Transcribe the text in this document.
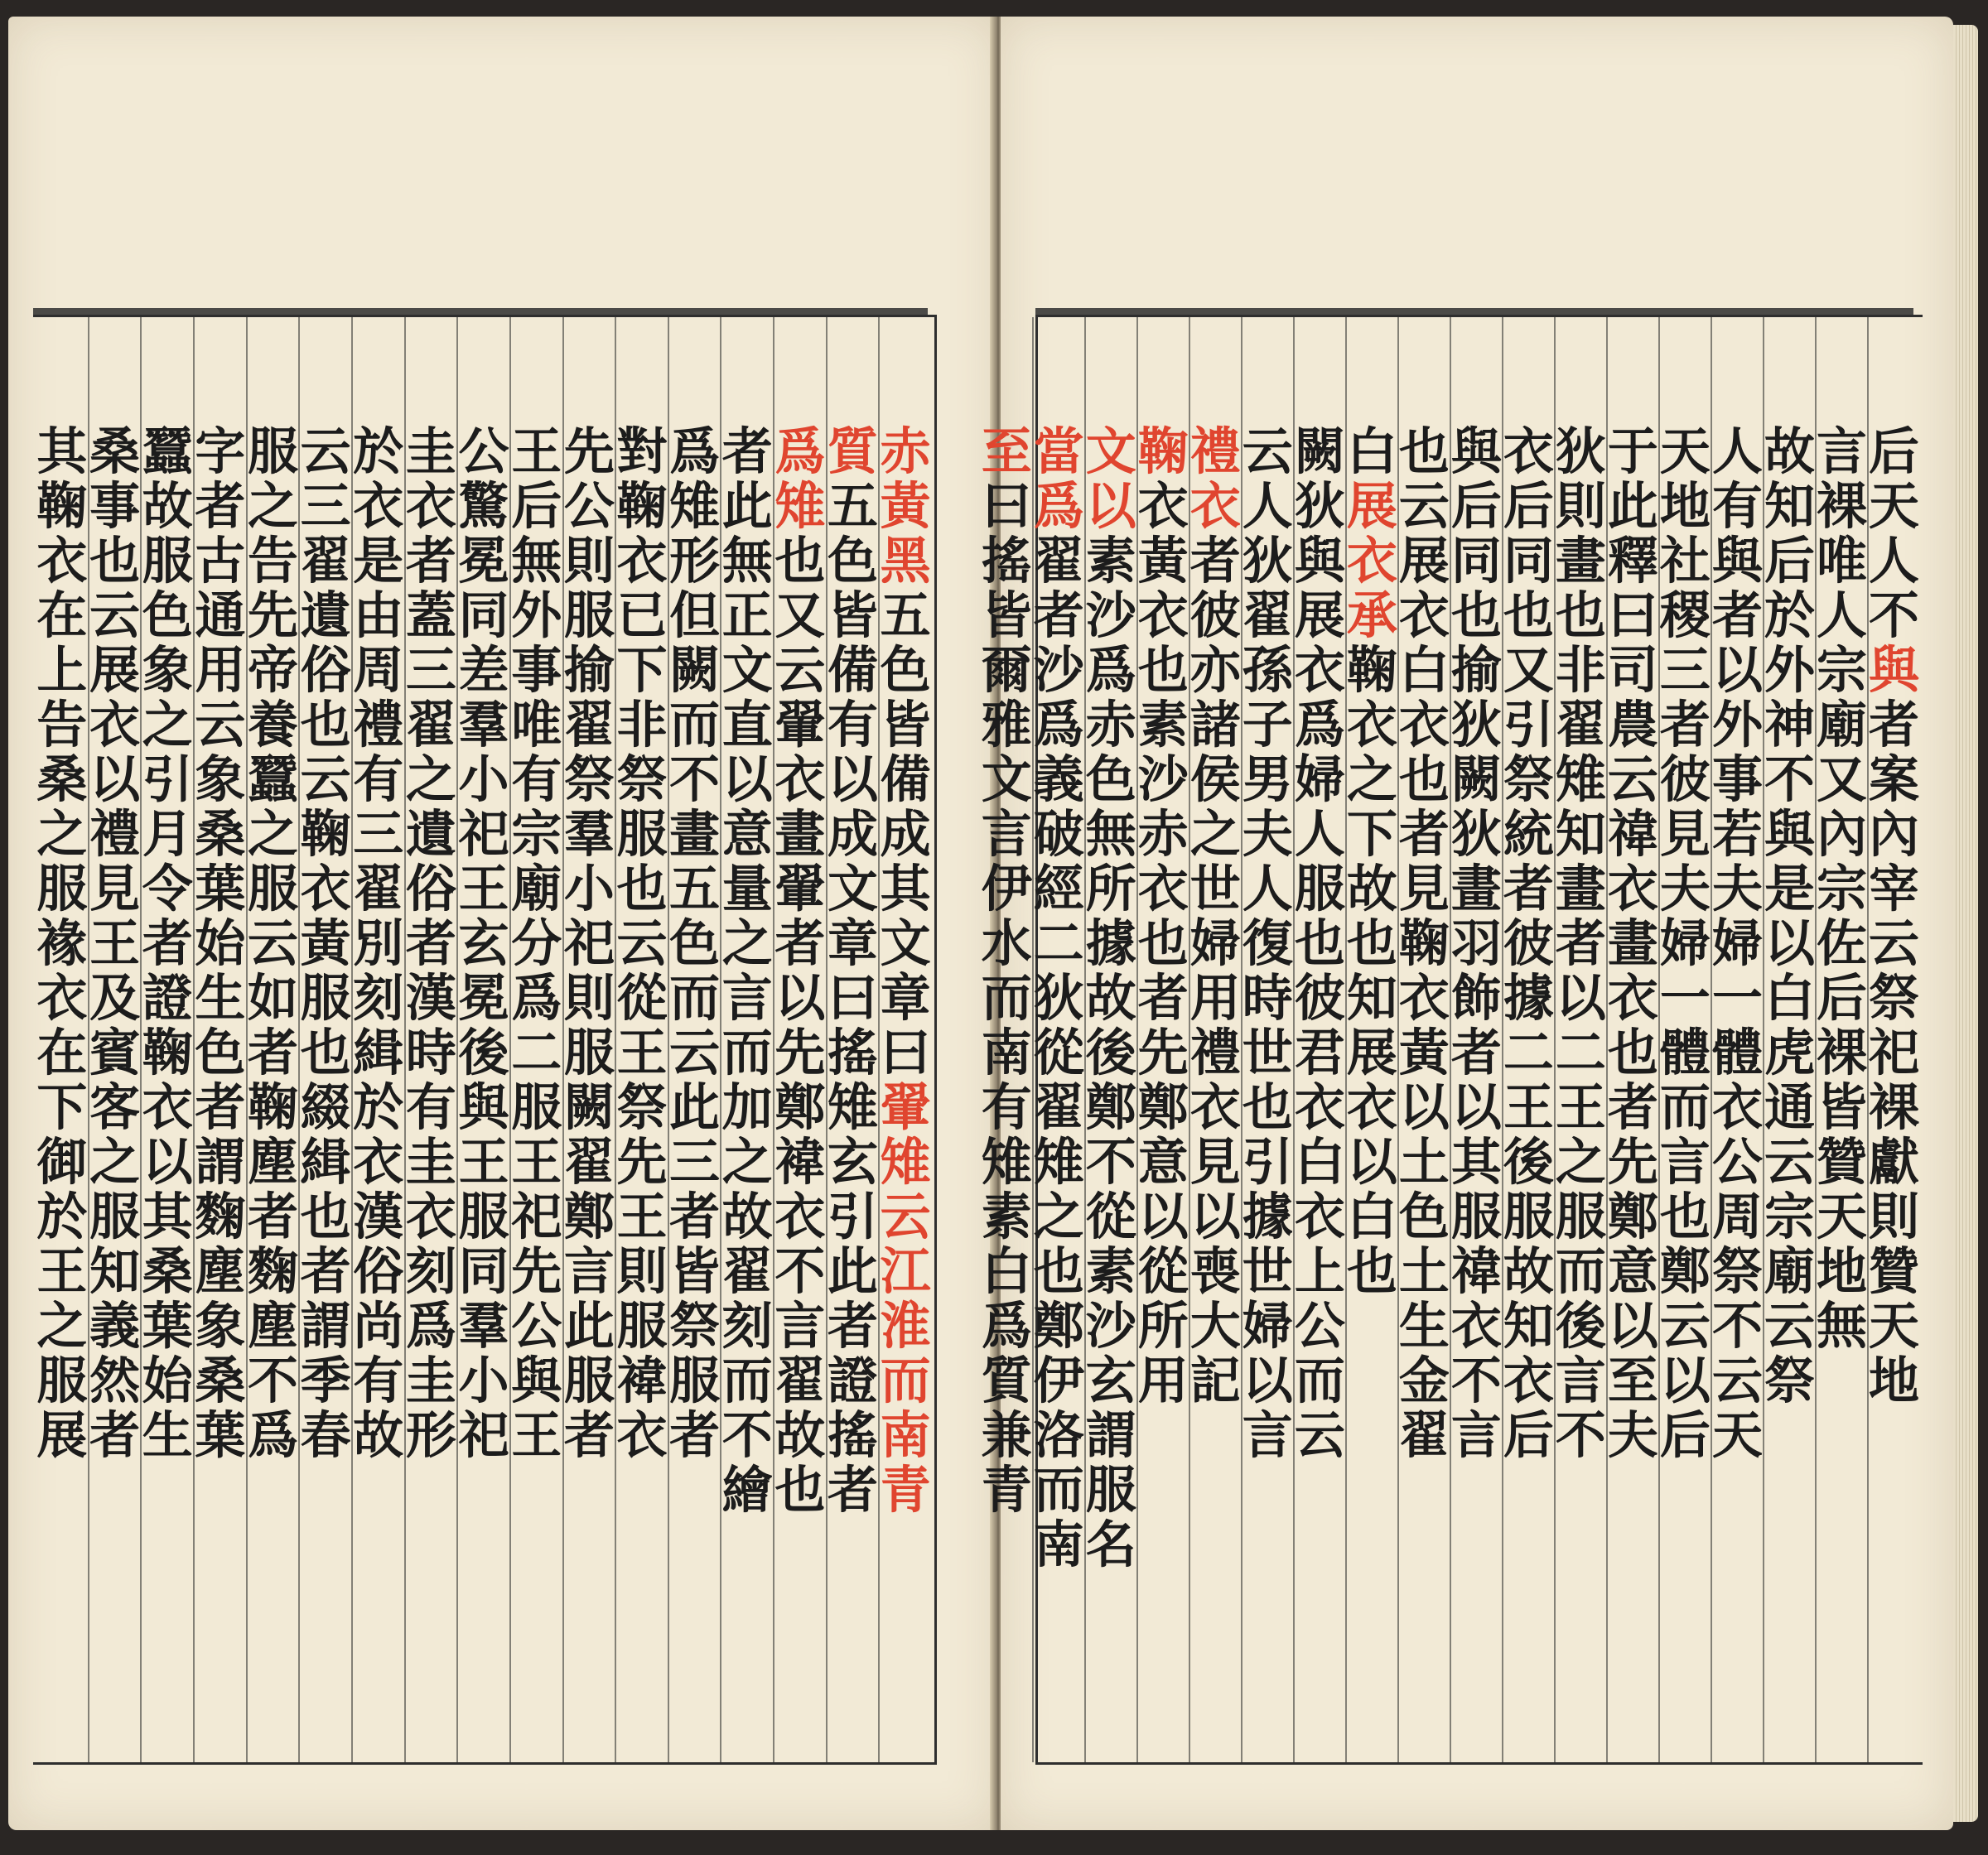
赤
黃
黑
五
色
皆
備
成
其
文
章
曰
翬
雉
云
江
淮
而
南
青
質
五
色
皆
備
有
以
成
文
章
曰
搖
雉
玄
引
此
者
證
搖
者
爲
雉
也
又
云
翬
衣
畫
翬
者
以
先
鄭
褘
衣
不
言
翟
故
也
者
此
無
正
文
直
以
意
量
之
言
而
加
之
故
翟
刻
而
不
繪
爲
雉
形
但
闕
而
不
畫
五
色
而
云
此
三
者
皆
祭
服
者
對
鞠
衣
已
下
非
祭
服
也
云
從
王
祭
先
王
則
服
褘
衣
先
公
則
服
揄
翟
祭
羣
小
祀
則
服
闕
翟
鄭
言
此
服
者
王
后
無
外
事
唯
有
宗
廟
分
爲
二
服
王
祀
先
公
與
王
公
驚
冕
同
差
羣
小
祀
王
玄
冕
後
與
王
服
同
羣
小
祀
圭
衣
者
蓋
三
翟
之
遺
俗
者
漢
時
有
圭
衣
刻
爲
圭
形
於
衣
是
由
周
禮
有
三
翟
別
刻
緝
於
衣
漢
俗
尚
有
故
云
三
翟
遺
俗
也
云
鞠
衣
黃
服
也
綴
緝
也
者
謂
季
春
服
之
告
先
帝
養
蠶
之
服
云
如
者
鞠
塵
者
麴
塵
不
爲
字
者
古
通
用
云
象
桑
葉
始
生
色
者
謂
麴
塵
象
桑
葉
蠶
故
服
色
象
之
引
月
令
者
證
鞠
衣
以
其
桑
葉
始
生
桑
事
也
云
展
衣
以
禮
見
王
及
賓
客
之
服
知
義
然
者
其
鞠
衣
在
上
告
桑
之
服
褖
衣
在
下
御
於
王
之
服
展
后
天
人
不
與
者
案
內
宰
云
祭
祀
裸
獻
則
贊
天
地
言
裸
唯
人
宗
廟
又
內
宗
佐
后
裸
皆
贊
天
地
無
故
知
后
於
外
神
不
與
是
以
白
虎
通
云
宗
廟
云
祭
人
有
與
者
以
外
事
若
夫
婦
一
體
衣
公
周
祭
不
云
天
天
地
社
稷
三
者
彼
見
夫
婦
一
體
而
言
也
鄭
云
以
后
于
此
釋
曰
司
農
云
禕
衣
畫
衣
也
者
先
鄭
意
以
至
夫
狄
則
畫
也
非
翟
雉
知
畫
者
以
二
王
之
服
而
後
言
不
衣
后
同
也
又
引
祭
統
者
彼
據
二
王
後
服
故
知
衣
后
與
后
同
也
揄
狄
闕
狄
畫
羽
飾
者
以
其
服
禕
衣
不
言
也
云
展
衣
白
衣
也
者
見
鞠
衣
黃
以
土
色
土
生
金
翟
白
展
衣
承
鞠
衣
之
下
故
也
知
展
衣
以
白
也
闕
狄
與
展
衣
爲
婦
人
服
也
彼
君
衣
白
衣
上
公
而
云
云
人
狄
翟
孫
子
男
夫
人
復
時
世
也
引
據
世
婦
以
言
禮
衣
者
彼
亦
諸
侯
之
世
婦
用
禮
衣
見
以
喪
大
記
鞠
衣
黃
衣
也
素
沙
赤
衣
也
者
先
鄭
意
以
從
所
用
文
以
素
沙
爲
赤
色
無
所
據
故
後
鄭
不
從
素
沙
玄
謂
服
名
當
爲
翟
者
沙
爲
義
破
經
二
狄
從
翟
雉
之
也
鄭
伊
洛
而
南
至
曰
搖
皆
爾
雅
文
言
伊
水
而
南
有
雉
素
白
爲
質
兼
青
